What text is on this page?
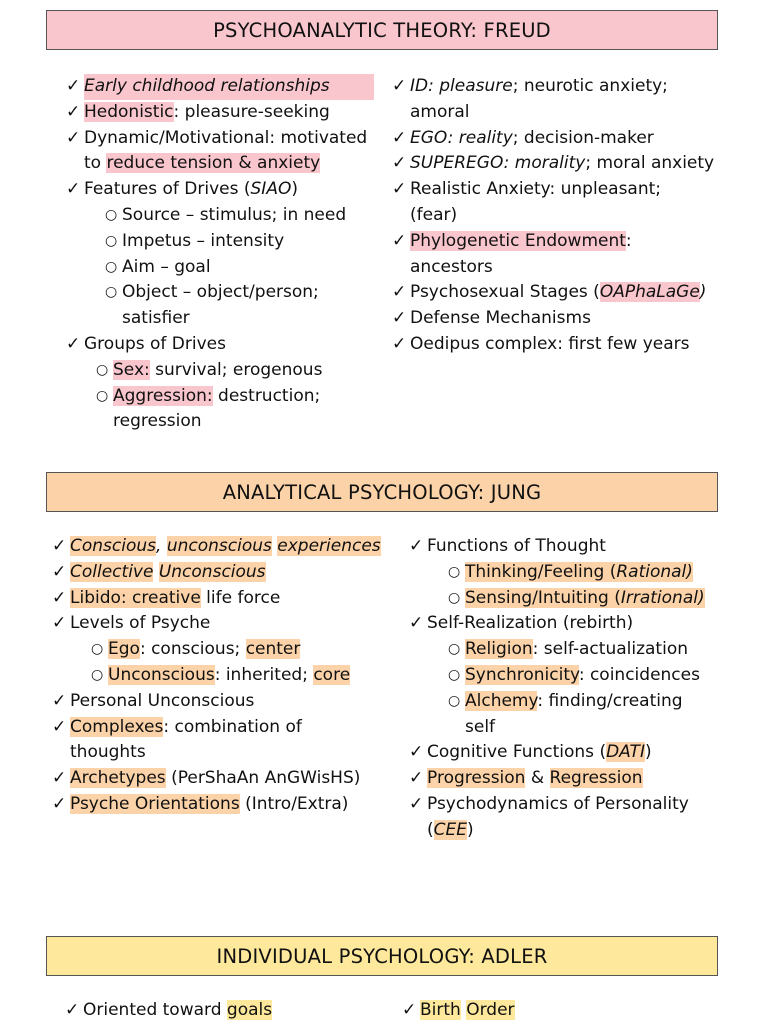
PSYCHOANALYTIC THEORY: FREUD
✓ Early childhood relationships
✓ Hedonistic: pleasure-seeking
✓ Dynamic/Motivational: motivated
to reduce tension & anxiety
✓ Features of Drives (SIAO)
○ Source – stimulus; in need
○ Impetus – intensity
○ Aim – goal
○ Object – object/person;
satisfier
✓ Groups of Drives
○ Sex: survival; erogenous
○ Aggression: destruction;
regression
✓ ID: pleasure; neurotic anxiety;
amoral
✓ EGO: reality; decision-maker
✓ SUPEREGO: morality; moral anxiety
✓ Realistic Anxiety: unpleasant;
(fear)
✓ Phylogenetic Endowment:
ancestors
✓ Psychosexual Stages (OAPhaLaGe)
✓ Defense Mechanisms
✓ Oedipus complex: first few years
ANALYTICAL PSYCHOLOGY: JUNG
✓ Conscious, unconscious experiences
✓ Collective Unconscious
✓ Libido: creative life force
✓ Levels of Psyche
○ Ego: conscious; center
○ Unconscious: inherited; core
✓ Personal Unconscious
✓ Complexes: combination of
thoughts
✓ Archetypes (PerShaAn AnGWisHS)
✓ Psyche Orientations (Intro/Extra)
✓ Functions of Thought
○ Thinking/Feeling (Rational)
○ Sensing/Intuiting (Irrational)
✓ Self-Realization (rebirth)
○ Religion: self-actualization
○ Synchronicity: coincidences
○ Alchemy: finding/creating
self
✓ Cognitive Functions (DATI)
✓ Progression & Regression
✓ Psychodynamics of Personality
(CEE)
INDIVIDUAL PSYCHOLOGY: ADLER
✓ Oriented toward goals	✓ Birth Order
